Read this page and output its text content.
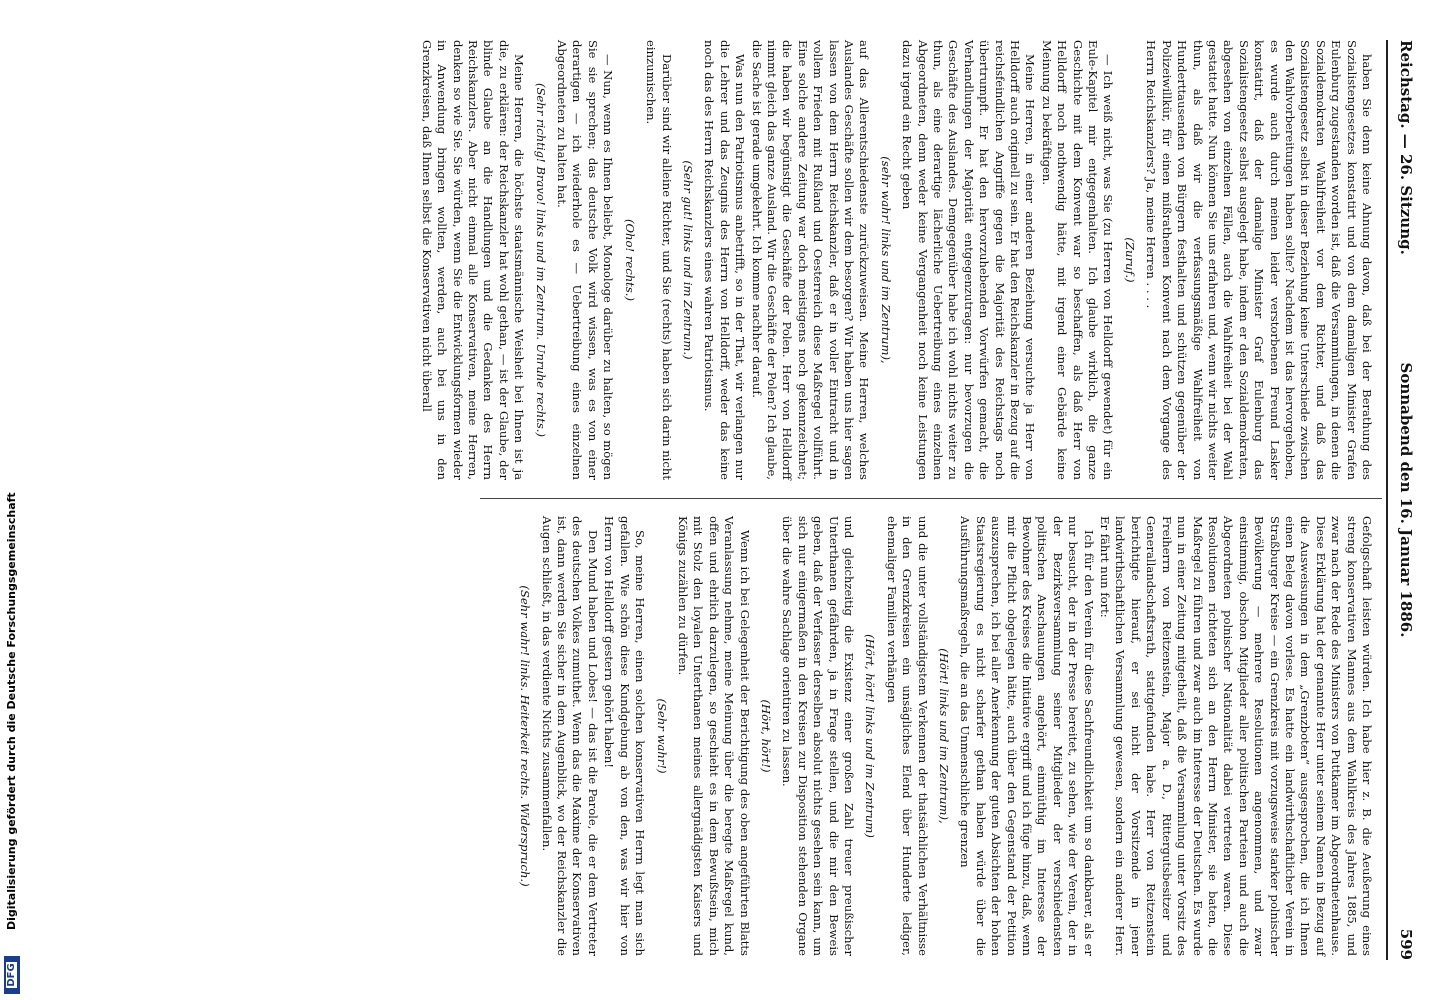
Reichstag. — 26. Sitzung.
Sonnabend den 16. Januar 1886.
599

haben Sie denn keine Ahnung davon, daß bei der Berathung des Sozialistengesetzes konstatirt und von dem damaligen Minister Grafen Eulenburg zugestanden worden ist, daß die Versammlungen, in denen die Sozialdemokraten Wahlfreiheit vor dem Richter, und daß das Sozialistengesetz selbst in dieser Beziehung keine Unterschiede zwischen den Wahlvorbereitungen haben sollte? Nachdem ist das hervorgehoben, es wurde auch durch meinen leider verstorbenen Freund Lasker konstatirt, daß der damalige Minister Graf Eulenburg das Sozialistengesetz selbst ausgelegt habe, indem er den Sozialdemokraten, abgesehen von einzelnen Fällen, auch die Wahlfreiheit bei der Wahl gestattet hatte. Nun können Sie uns erfahren und, wenn wir nichts weiter thun, als daß wir die verfassungsmäßige Wahlfreiheit von Hunderttausenden von Bürgern festhalten und schützen gegenüber der Polizeiwillkür, für einen mißrathenen Konvent nach dem Vorgange des Herrn Reichskanzlers? Ja, meine Herren . . . .

(Zuruf.)

— Ich weiß nicht, was Sie (zu Herren von Helldorff gewendet) für ein Eule-Kapitel mir entgegenhalten. Ich glaube wirklich, die ganze Geschichte mit dem Konvent war so beschaffen, als daß Herr von Helldorff noch nothwendig hätte, mit irgend einer Gebärde keine Meinung zu bekräftigen.

Meine Herren, in einer anderen Beziehung versuchte ja Herr von Helldorff auch originell zu sein. Er hat den Reichskanzler in Bezug auf die reichsfeindlichen Angriffe gegen die Majorität des Reichstags noch übertrumpft. Er hat den hervorzuhebenden Vorwürfen gemacht, die Verhandlungen der Majorität entgegenzutragen: nur bevorzugen die Geschäfte des Auslandes. Demgegenüber habe ich wohl nichts weiter zu thun, als eine derartige lächerliche Uebertreibung eines einzelnen Abgeordneten, denn weder keine Vergangenheit noch keine Leistungen dazu irgend ein Recht geben

(sehr wahr! links und im Zentrum),

auf das Allerentschiedenste zurückzuweisen. Meine Herren, welches Auslandes Geschäfte sollen wir dem besorgen? Wir haben uns hier sagen lassen von dem Herrn Reichskanzler, daß er in voller Eintracht und in vollem Frieden mit Rußland und Oesterreich diese Maßregel vollführt. Eine solche andere Zeitung war doch meistigens noch gekennzeichnet; die haben wir begünstigt die Geschäfte der Polen. Herr von Helldorff nimmt gleich das ganze Ausland. Wir die Geschäfte der Polen? Ich glaube, die Sache ist gerade umgekehrt. Ich komme nachher darauf.

Was nun den Patriotismus anbetrifft, so in der That, wir verlangen nur die Lehrer und das Zeugnis des Herrn von Helldorff, weder das keine noch das des Herrn Reichskanzlers eines wahren Patriotismus.

(Sehr gut! links und im Zentrum.)

Darüber sind wir alleine Richter, und Sie (rechts) haben sich darin nicht einzumischen.

(Oho! rechts.)

— Nun, wenn es Ihnen beliebt, Monologe darüber zu halten, so mögen Sie sie sprechen; das deutsche Volk wird wissen, was es von einer derartigen — ich wiederhole es — Uebertreibung eines einzelnen Abgeordneten zu halten hat.

(Sehr richtig! Bravo! links und im Zentrum. Unruhe rechts.)

Meine Herren, die höchste staatsmännische Weisheit bei Ihnen ist ja die, zu erklären: der Reichskanzler hat wohl gethan, — ist der Glaube, der blinde Glaube an die Handlungen und die Gedanken des Herrn Reichskanzlers. Aber nicht einmal alle Konservativen, meine Herren, denken so wie Sie. Sie würden, wenn Sie die Entwicklungsformen wieder in Anwendung bringen wollten, werden, auch bei uns in den Grenzkreisen, daß Ihnen selbst die Konservativen nicht überall

Gefolgschaft leisten würden. Ich habe hier z. B. die Aeußerung eines streng konservativen Mannes aus dem Wahlkreis des Jahres 1885, und zwar nach der Rede des Ministers von Puttkamer im Abgeordnetenhause. Diese Erklärung hat der genannte Herr unter seinem Namen in Bezug auf die Ausweisungen in dem „Grenzboten“ ausgesprochen, die ich Ihnen einen Beleg davon vorlese. Es hatte ein landwirthschaftlicher Verein in Straßburger Kreise — ein Grenzkreis mit vorzugsweise starker polnischer Bevölkerung — mehrere Resolutionen angenommen, und zwar einstimmig, obschon Mitglieder aller politischen Parteien und auch die Abgeordneten polnischer Nationalität dabei vertreten waren. Diese Resolutionen richteten sich an den Herrn Minister, sie baten, die Maßregel zu führen und zwar auch im Interesse der Deutschen. Es wurde nun in einer Zeitung mitgetheilt, daß die Versammlung unter Vorsitz des Freiherrn von Reitzenstein, Major a. D., Rittergutsbesitzer und Generallandschaftsrath, stattgefunden habe. Herr von Reitzenstein berichtigte hierauf, er sei nicht der Vorsitzende in jener landwirthschaftlichen Versammlung gewesen, sondern ein anderer Herr. Er fährt nun fort:

Ich für den Verein für diese Sachfreundlichkeit um so dankbarer, als er nur besucht, der in der Presse bereitet, zu sehen, wie der Verein, der in der Bezirksversammlung seiner Mitglieder der verschiedensten politischen Anschauungen angehört, einmüthig im Interesse der Bewohner des Kreises die Initiative ergriff und ich füge hinzu, daß, wenn mir die Pflicht obgelegen hätte, auch über den Gegenstand der Petition auszusprechen, ich bei aller Anerkennung der guten Absichten der hohen Staatsregierung es nicht scharfer gethan haben würde über die Ausführungsmaßregeln, die an das Unmenschliche grenzen

(Hört! links und im Zentrum),

und die unter vollständigstem Verkennen der thatsächlichen Verhältnisse in den Grenzkreisen ein unsägliches Elend über Hunderte lediger, ehemaliger Familien verhängen

(Hört, hört! links und im Zentrum)

und gleichzeitig die Existenz einer großen Zahl treuer preußischer Unterthanen gefährden, ja in Frage stellen, und die mir den Beweis geben, daß der Verfasser derselben absolut nichts gesehen sein kann, um sich nur einigermaßen in den Kreisen zur Disposition stehenden Organe über die wahre Sachlage orientiren zu lassen.

(Hört, hört!)

Wenn ich bei Gelegenheit der Berichtigung des oben angeführten Blatts Veranlassung nehme, meine Meinung über die beregte Maßregel kund, offen und ehrlich darzulegen, so geschieht es in dem Bewußtsein, mich mit Stolz den loyalen Unterthanen meines allergnädigsten Kaisers und Königs zuzählen zu dürfen.

(Sehr wahr!)

So, meine Herren, einen solchen konservativen Herrn legt man sich gefallen. Wie schön diese Kundgebung ab von den, was wir hier von Herrn von Helldorff gestern gehört haben!

Den Mund haben und Lobes! — das ist die Parole, die er dem Vertreter des deutschen Volkes zumuthet. Wenn das die Maxime der Konservativen ist, dann werden Sie sicher in dem Augenblick, wo der Reichskanzler die Augen schließt, in das verdiente Nichts zusammenfallen.

(Sehr wahr! links. Heiterkeit rechts. Widerspruch.)

DFG
Digitalisierung gefördert durch die Deutsche Forschungsgemeinschaft
